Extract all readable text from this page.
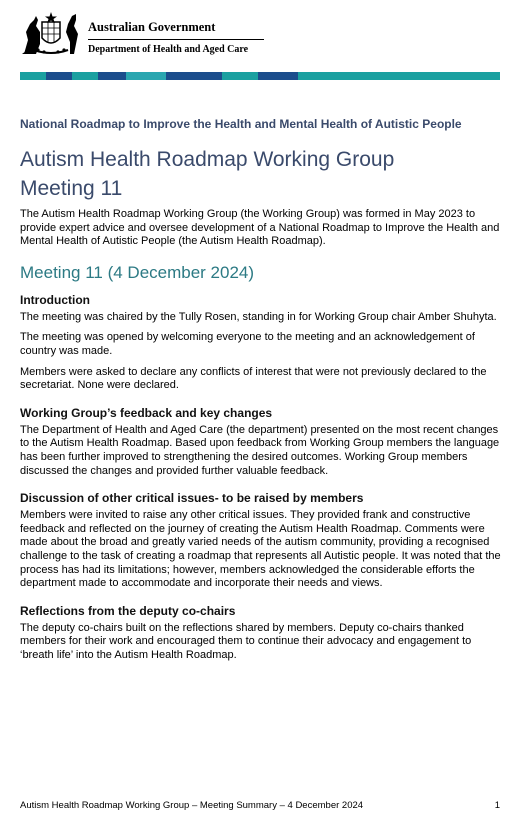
Australian Government
Department of Health and Aged Care
National Roadmap to Improve the Health and Mental Health of Autistic People
Autism Health Roadmap Working Group
Meeting 11

The Autism Health Roadmap Working Group (the Working Group) was formed in May 2023 to provide expert advice and oversee development of a National Roadmap to Improve the Health and Mental Health of Autistic People (the Autism Health Roadmap).

Meeting 11 (4 December 2024)
Introduction

The meeting was chaired by the Tully Rosen, standing in for Working Group chair Amber Shuhyta.

The meeting was opened by welcoming everyone to the meeting and an acknowledgement of country was made.

Members were asked to declare any conflicts of interest that were not previously declared to the secretariat. None were declared.

Working Group’s feedback and key changes

The Department of Health and Aged Care (the department) presented on the most recent changes to the Autism Health Roadmap. Based upon feedback from Working Group members the language has been further improved to strengthening the desired outcomes. Working Group members discussed the changes and provided further valuable feedback.

Discussion of other critical issues- to be raised by members

Members were invited to raise any other critical issues. They provided frank and constructive feedback and reflected on the journey of creating the Autism Health Roadmap. Comments were made about the broad and greatly varied needs of the autism community, providing a recognised challenge to the task of creating a roadmap that represents all Autistic people. It was noted that the process has had its limitations; however, members acknowledged the considerable efforts the department made to accommodate and incorporate their needs and views.

Reflections from the deputy co-chairs

The deputy co-chairs built on the reflections shared by members. Deputy co-chairs thanked members for their work and encouraged them to continue their advocacy and engagement to ‘breath life’ into the Autism Health Roadmap.

Autism Health Roadmap Working Group – Meeting Summary – 4 December 2024	1
